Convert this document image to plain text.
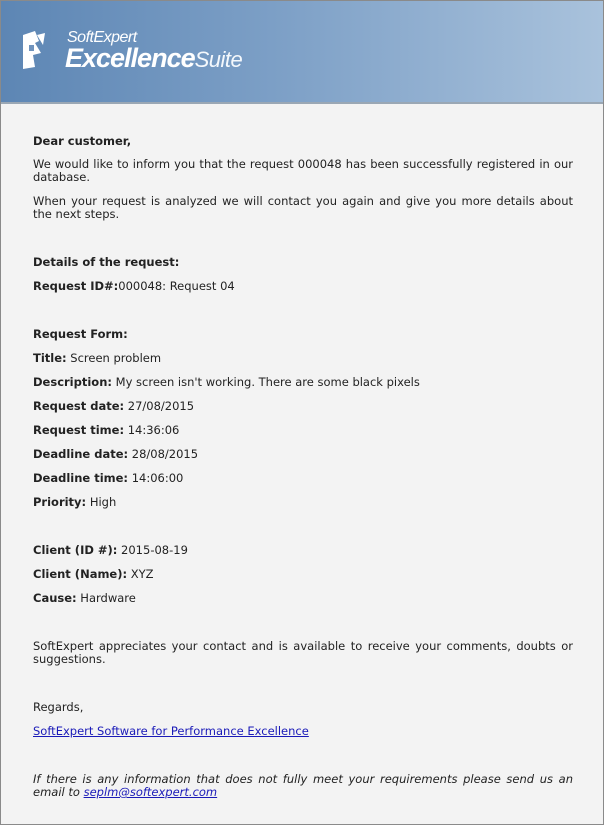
SoftExpert
ExcellenceSuite

Dear customer,

We would like to inform you that the request 000048 has been successfully registered in our database.

When your request is analyzed we will contact you again and give you more details about the next steps.

Details of the request:

Request ID#:000048: Request 04

Request Form:

Title: Screen problem

Description: My screen isn't working. There are some black pixels

Request date: 27/08/2015

Request time: 14:36:06

Deadline date: 28/08/2015

Deadline time: 14:06:00

Priority: High

Client (ID #): 2015-08-19

Client (Name): XYZ

Cause: Hardware

SoftExpert appreciates your contact and is available to receive your comments, doubts or suggestions.

Regards,

SoftExpert Software for Performance Excellence

If there is any information that does not fully meet your requirements please send us an email to seplm@softexpert.com
